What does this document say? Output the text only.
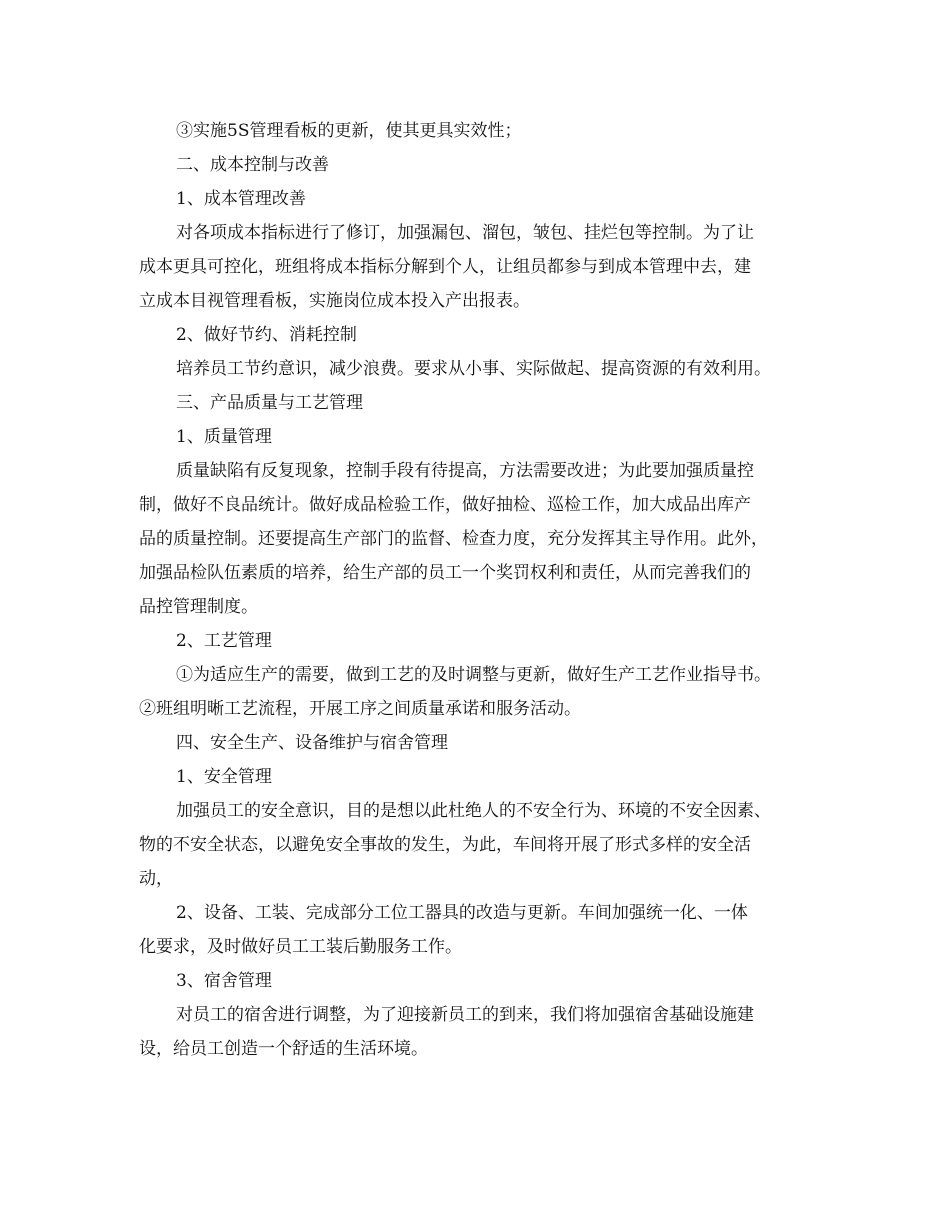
③实施5S管理看板的更新，使其更具实效性；
二、成本控制与改善
1、成本管理改善
对各项成本指标进行了修订，加强漏包、溜包，皱包、挂烂包等控制。为了让
成本更具可控化，班组将成本指标分解到个人，让组员都参与到成本管理中去，建
立成本目视管理看板，实施岗位成本投入产出报表。
2、做好节约、消耗控制
培养员工节约意识，减少浪费。要求从小事、实际做起、提高资源的有效利用。
三、产品质量与工艺管理
1、质量管理
质量缺陷有反复现象，控制手段有待提高，方法需要改进；为此要加强质量控
制，做好不良品统计。做好成品检验工作，做好抽检、巡检工作，加大成品出库产
品的质量控制。还要提高生产部门的监督、检查力度，充分发挥其主导作用。此外，
加强品检队伍素质的培养，给生产部的员工一个奖罚权利和责任，从而完善我们的
品控管理制度。
2、工艺管理
①为适应生产的需要，做到工艺的及时调整与更新，做好生产工艺作业指导书。
②班组明晰工艺流程，开展工序之间质量承诺和服务活动。
四、安全生产、设备维护与宿舍管理
1、安全管理
加强员工的安全意识，目的是想以此杜绝人的不安全行为、环境的不安全因素、
物的不安全状态，以避免安全事故的发生，为此，车间将开展了形式多样的安全活
动，
2、设备、工装、完成部分工位工器具的改造与更新。车间加强统一化、一体
化要求，及时做好员工工装后勤服务工作。
3、宿舍管理
对员工的宿舍进行调整，为了迎接新员工的到来，我们将加强宿舍基础设施建
设，给员工创造一个舒适的生活环境。
